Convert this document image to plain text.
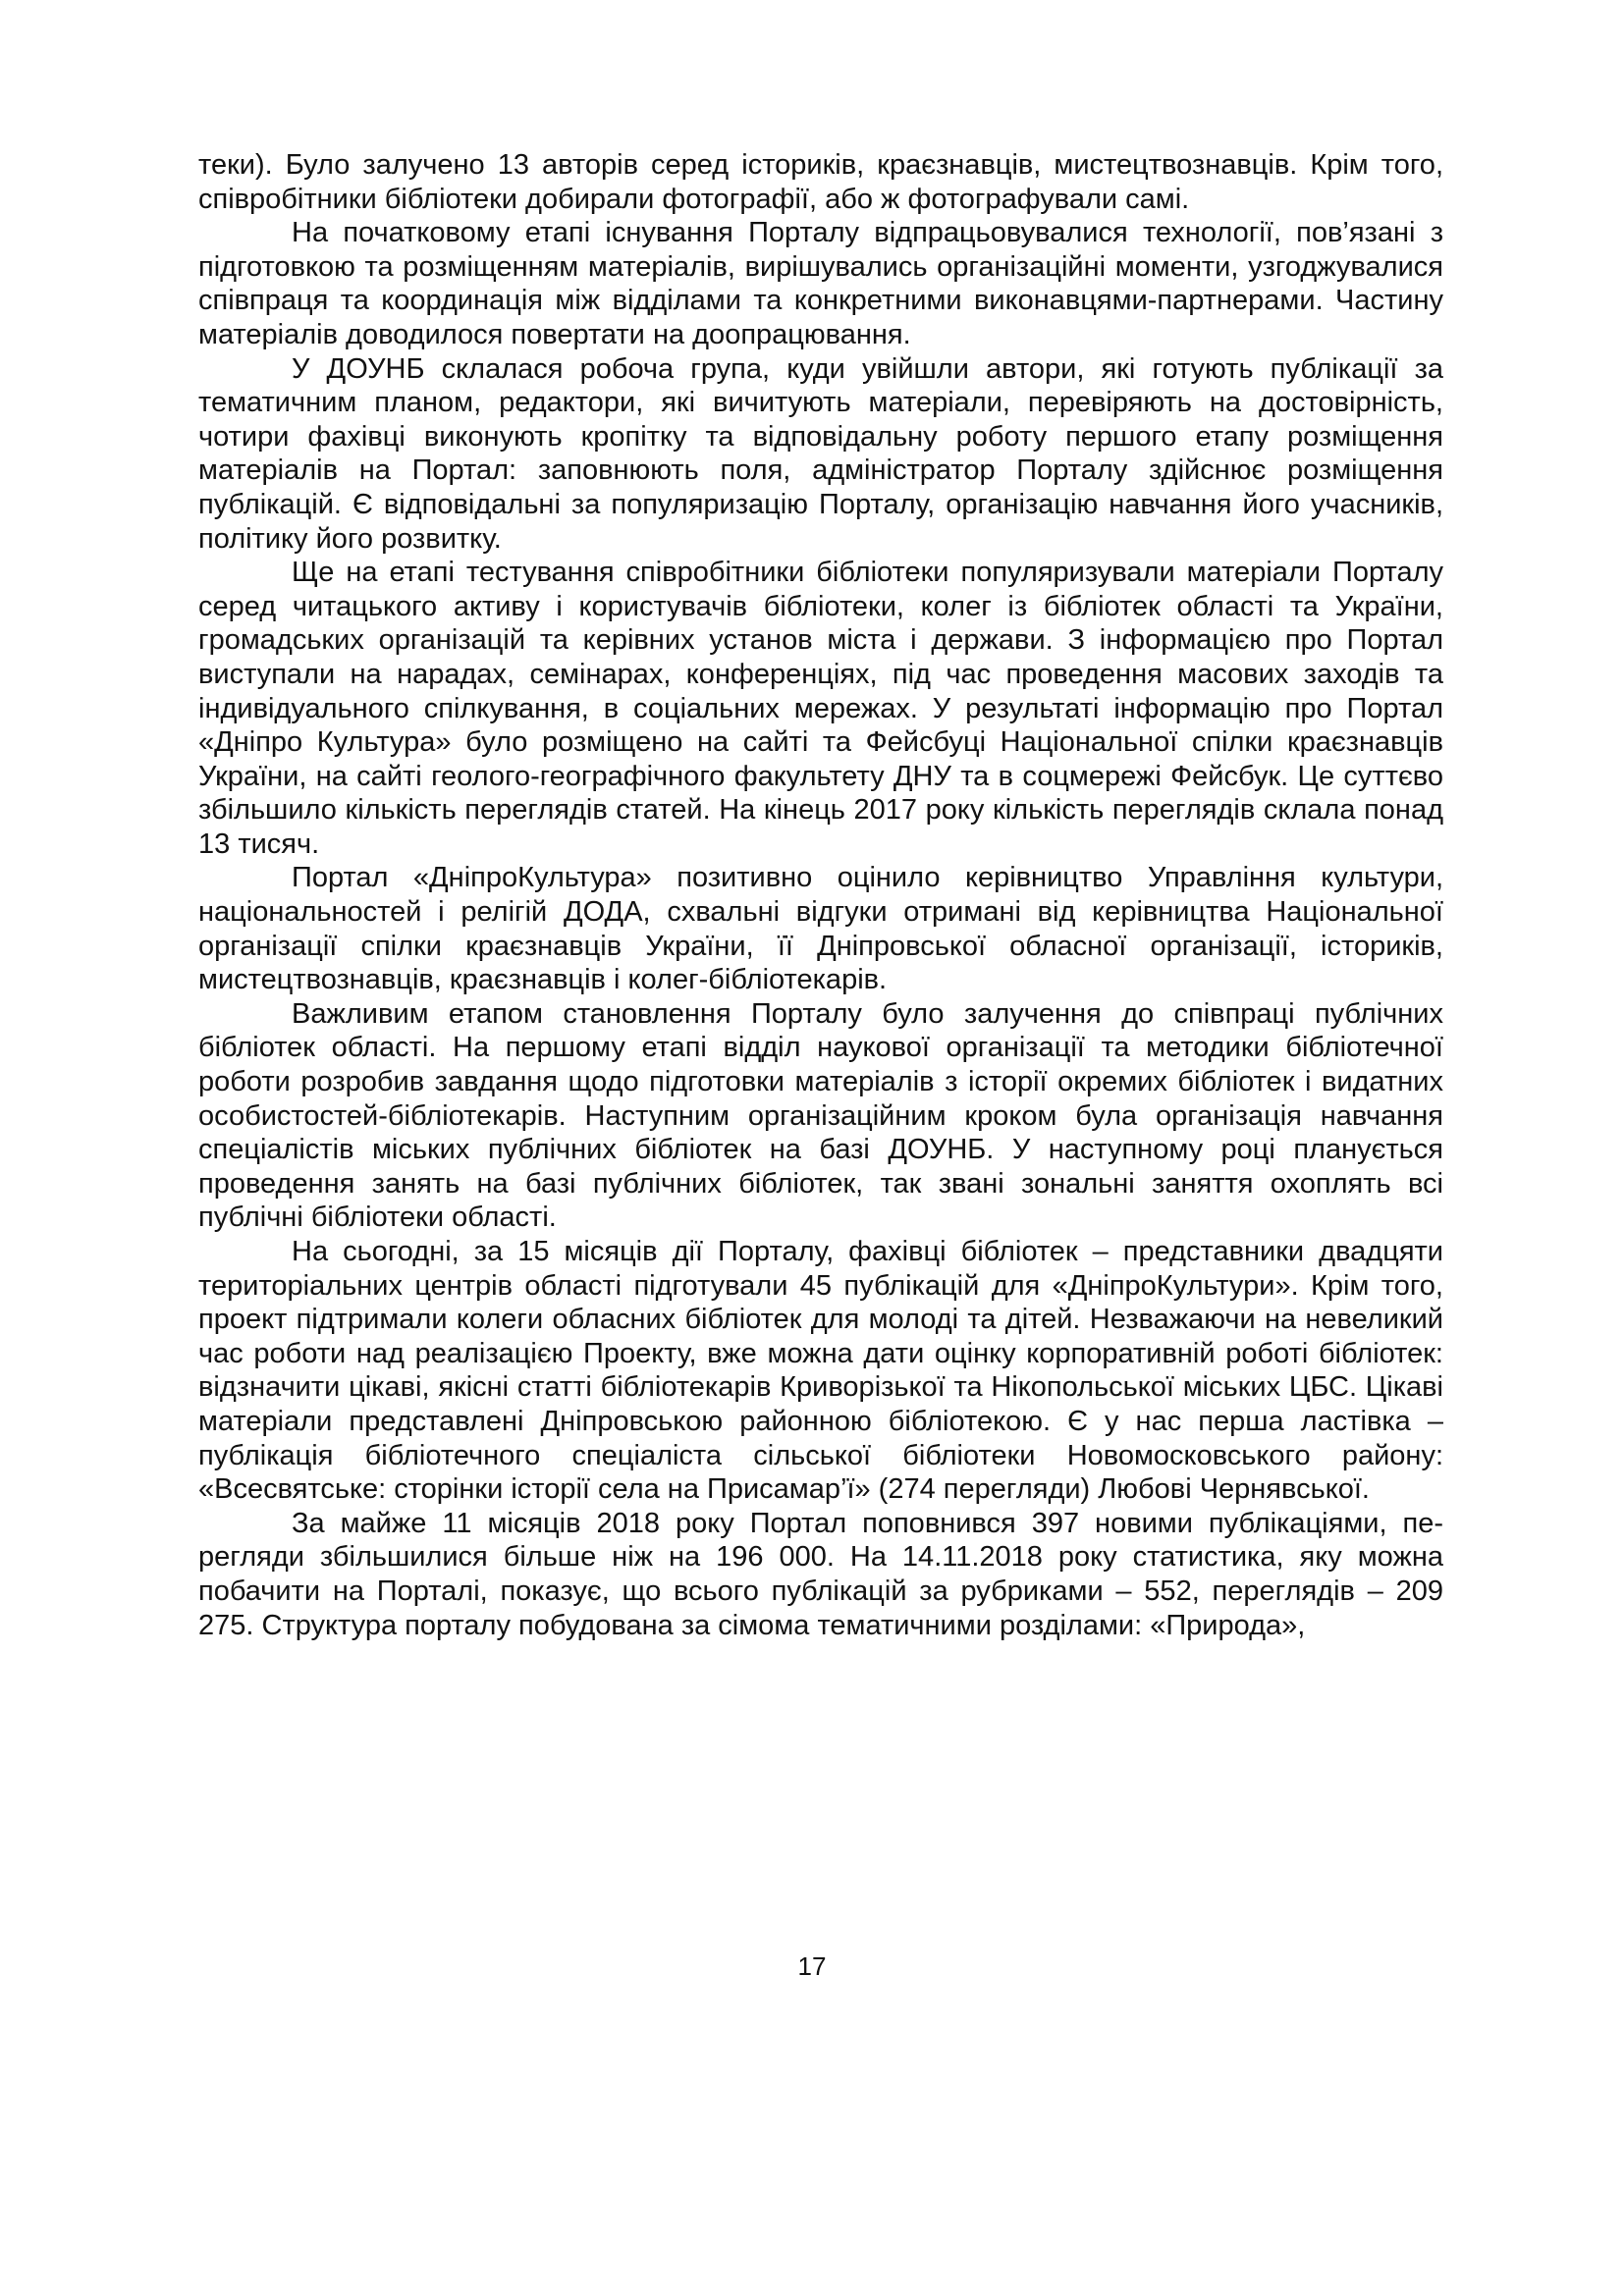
теки). Було залучено 13 авторів серед істориків, краєзнавців, мистецтвознавців. Крім того, співробітники бібліотеки добирали фотографії, або ж фотографували самі.

На початковому етапі існування Порталу відпрацьовувалися технології, пов’язані з підготовкою та розміщенням матеріалів, вирішувались організаційні моменти, узгоджувалися співпраця та координація між відділами та конкретними виконавцями-партнерами. Частину матеріалів доводилося повертати на доопрацювання.

У ДОУНБ склалася робоча група, куди увійшли автори, які готують публікації за тематичним планом, редактори, які вичитують матеріали, перевіряють на достовірність, чотири фахівці виконують кропітку та відповідальну роботу першого етапу розміщення матеріалів на Портал: заповнюють поля, адміністратор Порталу здійснює розміщення публікацій. Є відповідальні за популяризацію Порталу, організацію навчання його учасників, політику його розвитку.

Ще на етапі тестування співробітники бібліотеки популяризували матеріали Порталу серед читацького активу і користувачів бібліотеки, колег із бібліотек області та України, громадських організацій та керівних установ міста і держави. З інформацією про Портал виступали на нарадах, семінарах, конференціях, під час проведення масових заходів та індивідуального спілкування, в соціальних мережах. У результаті інформацію про Портал «Дніпро Культура» було розміщено на сайті та Фейсбуці Національної спілки краєзнавців України, на сайті геолого-географічного факультету ДНУ та в соцмережі Фейсбук. Це суттєво збільшило кількість переглядів статей. На кінець 2017 року кількість переглядів склала понад 13 тисяч.

Портал «ДніпроКультура» позитивно оцінило керівництво Управління культури, національностей і релігій ДОДА, схвальні відгуки отримані від керівництва Національної організації спілки краєзнавців України, її Дніпровської обласної організації, істориків, мистецтвознавців, краєзнавців і колег-бібліотекарів.

Важливим етапом становлення Порталу було залучення до співпраці публічних бібліотек області. На першому етапі відділ наукової організації та методики бібліотечної роботи розробив завдання щодо підготовки матеріалів з історії окремих бібліотек і видатних особистостей-бібліотекарів. Наступним організаційним кроком була організація навчання спеціалістів міських публічних бібліотек на базі ДОУНБ. У наступному році планується проведення занять на базі публічних бібліотек, так звані зональні заняття охоплять всі публічні бібліотеки області.

На сьогодні, за 15 місяців дії Порталу, фахівці бібліотек – представники двадцяти територіальних центрів області підготували 45 публікацій для «ДніпроКультури». Крім того, проект підтримали колеги обласних бібліотек для молоді та дітей. Незважаючи на невеликий час роботи над реалізацією Проекту, вже можна дати оцінку корпоративній роботі бібліотек: відзначити цікаві, якісні статті бібліотекарів Криворізької та Нікопольської міських ЦБС. Цікаві матеріали представлені Дніпровською районною бібліотекою. Є у нас перша ластівка – публікація бібліотечного спеціаліста сільської бібліотеки Новомосковського району: «Всесвятське: сторінки історії села на Присамар’ї» (274 перегляди) Любові Чернявської.

За майже 11 місяців 2018 року Портал поповнився 397 новими публікаціями, перегляди збільшилися більше ніж на 196 000. На 14.11.2018 року статистика, яку можна побачити на Порталі, показує, що всього публікацій за рубриками – 552, переглядів – 209 275. Структура порталу побудована за сімома тематичними розділами: «Природа»,

17
